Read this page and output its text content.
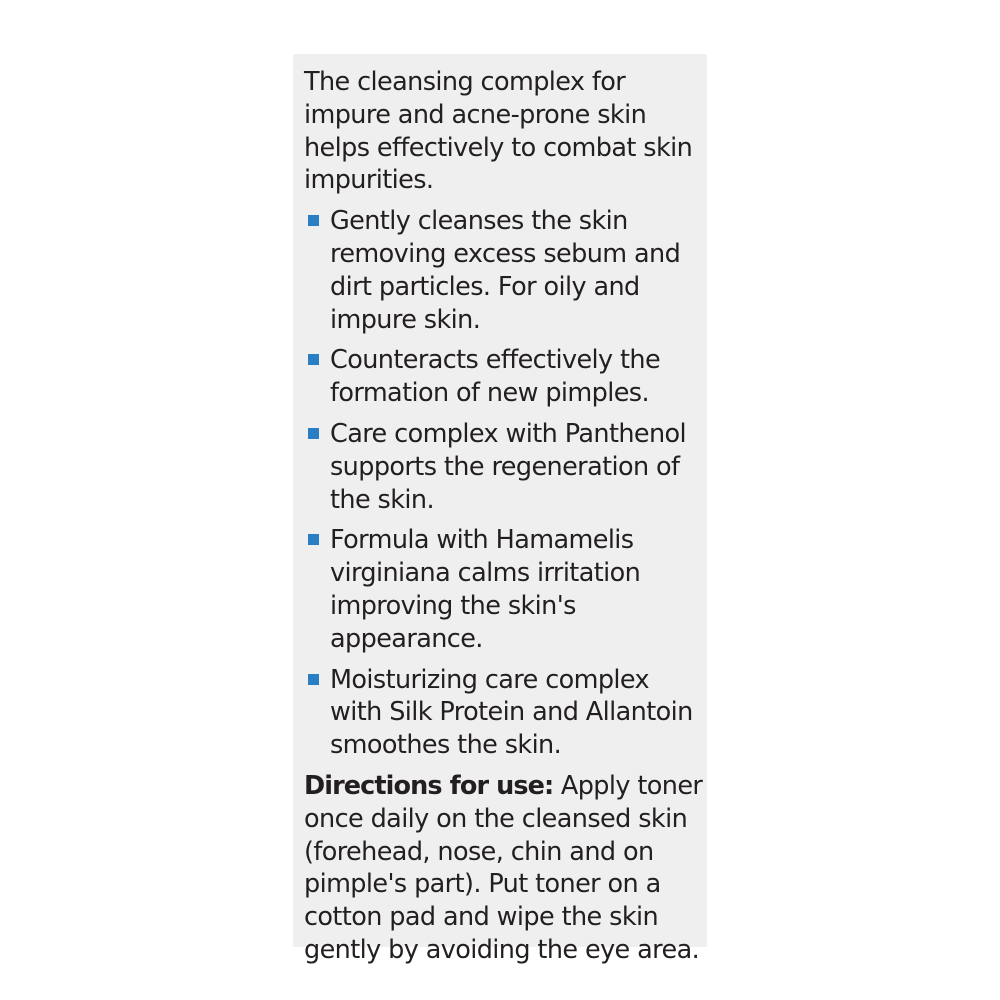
The cleansing complex for impure and acne-prone skin helps effectively to combat skin impurities.

Gently cleanses the skin removing excess sebum and dirt particles. For oily and impure skin.
Counteracts effectively the formation of new pimples.
Care complex with Panthenol supports the regeneration of the skin.
Formula with Hamamelis virginiana calms irritation improving the skin's appearance.
Moisturizing care complex with Silk Protein and Allantoin smoothes the skin.

Directions for use: Apply toner once daily on the cleansed skin (forehead, nose, chin and on pimple's part). Put toner on a cotton pad and wipe the skin gently by avoiding the eye area.
